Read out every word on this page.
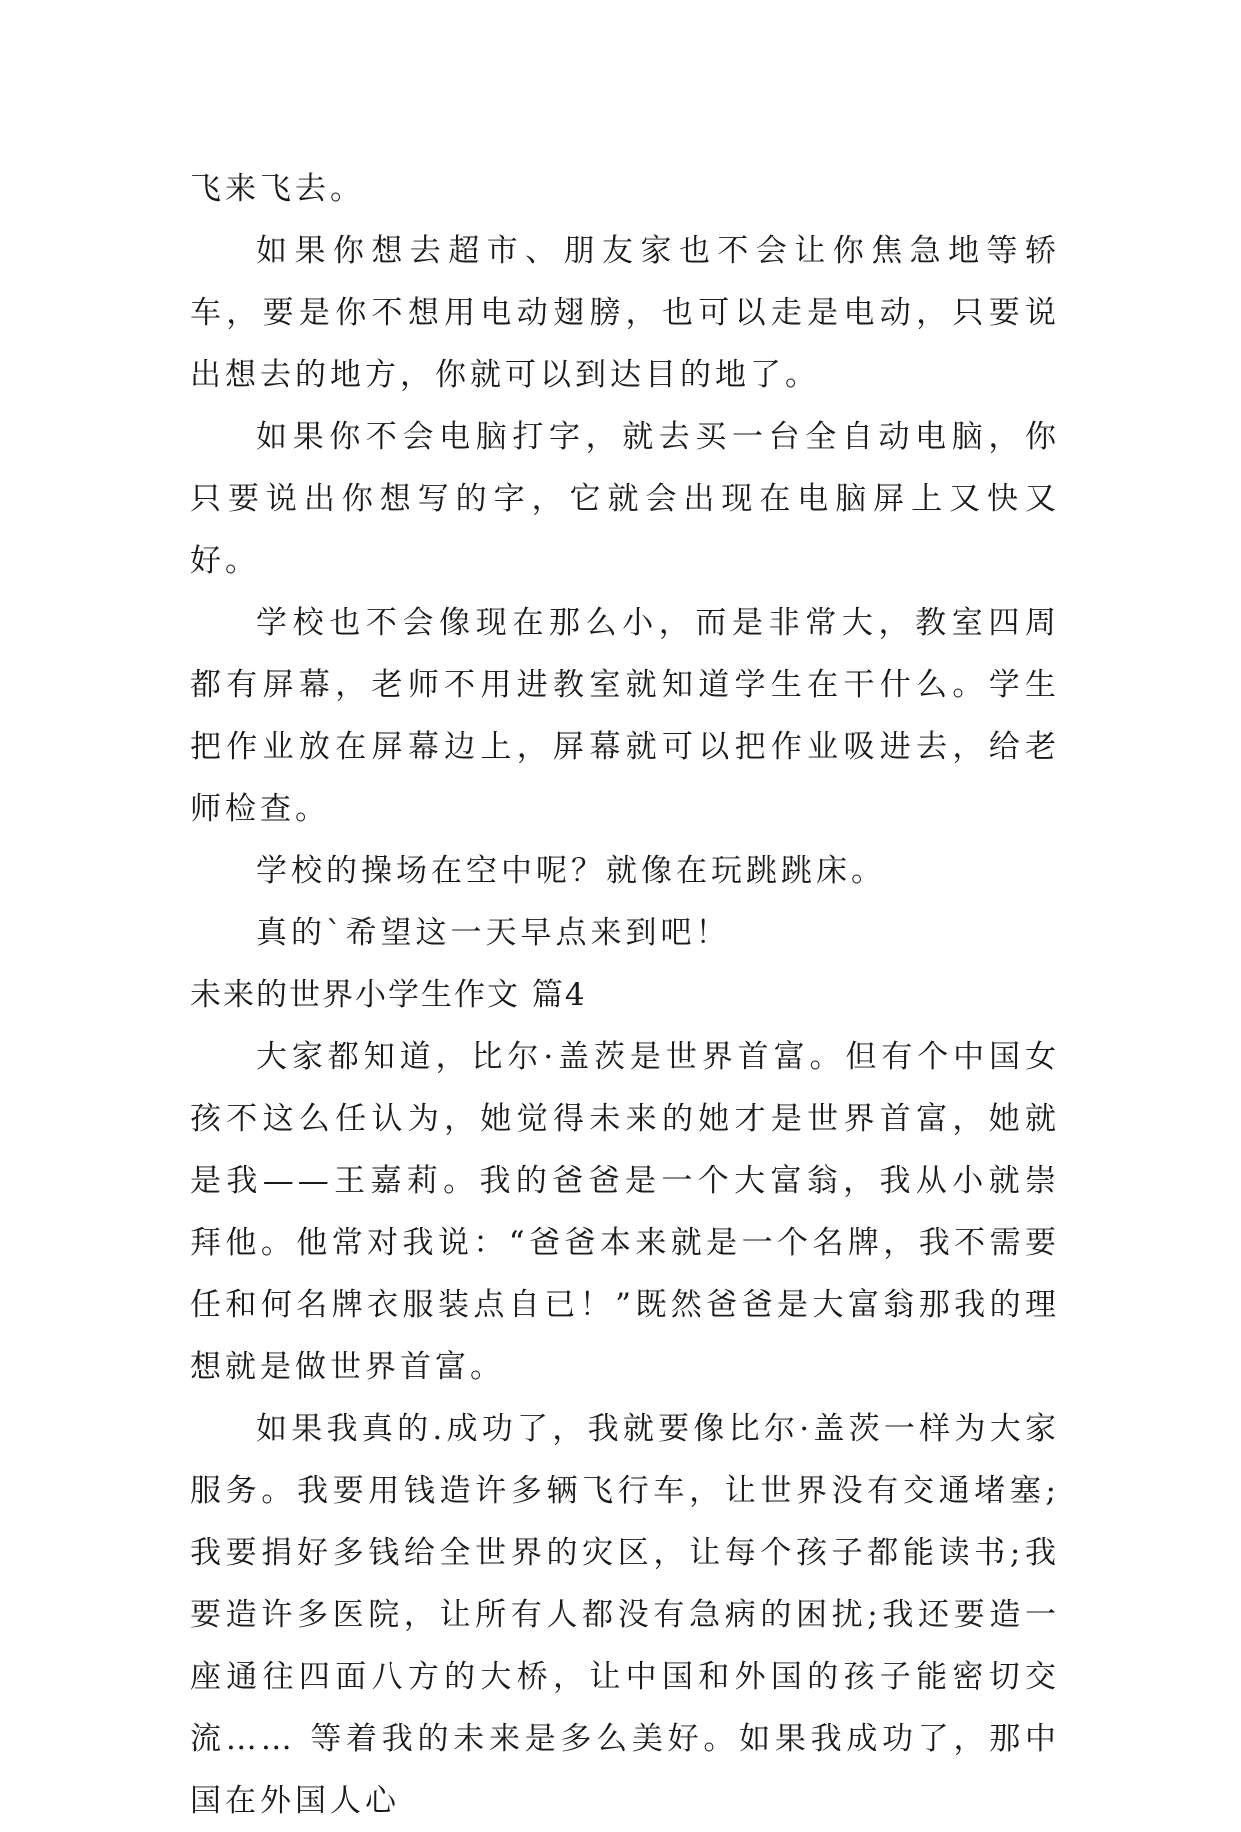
飞来飞去。

如果你想去超市、朋友家也不会让你焦急地等轿车，要是你不想用电动翅膀，也可以走是电动，只要说出想去的地方，你就可以到达目的地了。

如果你不会电脑打字，就去买一台全自动电脑，你只要说出你想写的字，它就会出现在电脑屏上又快又好。

学校也不会像现在那么小，而是非常大，教室四周都有屏幕，老师不用进教室就知道学生在干什么。学生把作业放在屏幕边上，屏幕就可以把作业吸进去，给老师检查。

学校的操场在空中呢？就像在玩跳跳床。

真的`希望这一天早点来到吧！

未来的世界小学生作文 篇4

大家都知道，比尔·盖茨是世界首富。但有个中国女孩不这么任认为，她觉得未来的她才是世界首富，她就是我——王嘉莉。我的爸爸是一个大富翁，我从小就崇拜他。他常对我说：“爸爸本来就是一个名牌，我不需要任和何名牌衣服装点自已！”既然爸爸是大富翁那我的理想就是做世界首富。

如果我真的.成功了，我就要像比尔·盖茨一样为大家服务。我要用钱造许多辆飞行车，让世界没有交通堵塞;我要捐好多钱给全世界的灾区，让每个孩子都能读书;我要造许多医院，让所有人都没有急病的困扰;我还要造一座通往四面八方的大桥，让中国和外国的孩子能密切交流…… 等着我的未来是多么美好。如果我成功了，那中国在外国人心
